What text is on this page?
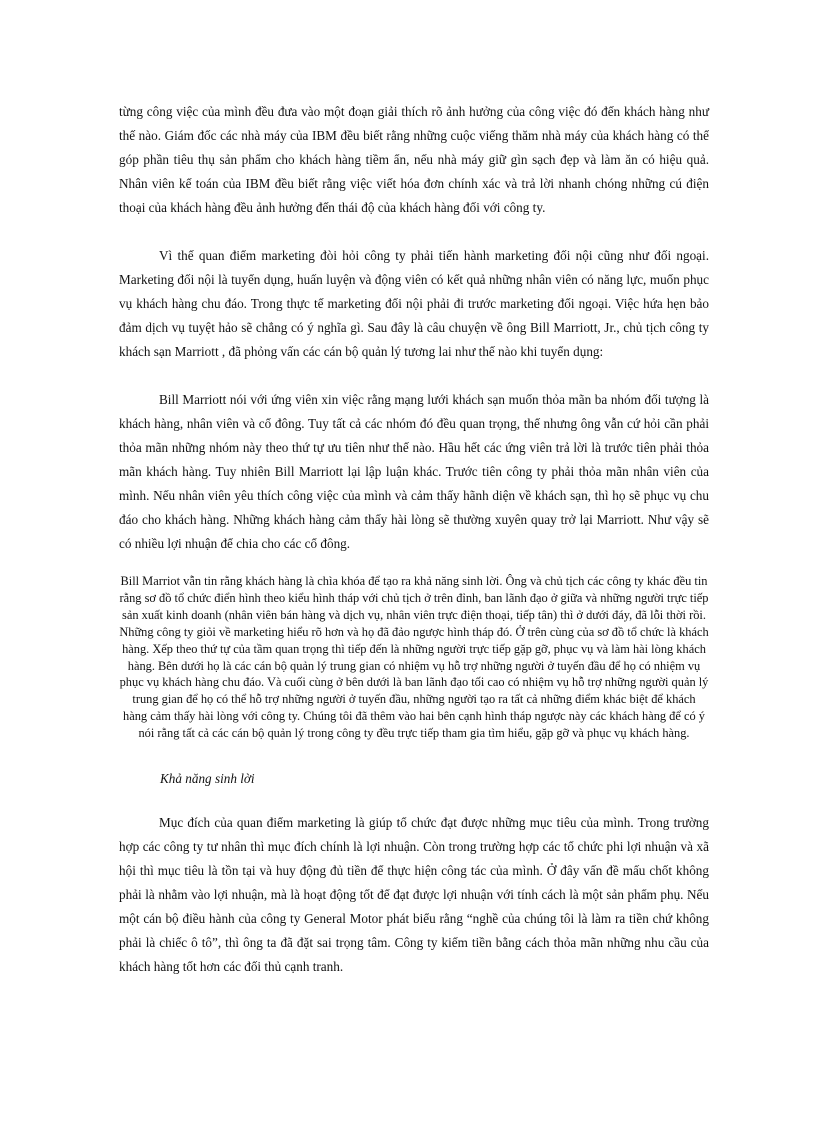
từng công việc của mình đều đưa vào một đoạn giải thích rõ ảnh hưởng của công việc đó đến khách hàng như thế nào. Giám đốc các nhà máy của IBM đều biết rằng những cuộc viếng thăm nhà máy của khách hàng có thể góp phần tiêu thụ sản phẩm cho khách hàng tiềm ẩn, nếu nhà máy giữ gìn sạch đẹp và làm ăn có hiệu quả. Nhân viên kế toán của IBM đều biết rằng việc viết hóa đơn chính xác và trả lời nhanh chóng những cú điện thoại của khách hàng đều ảnh hưởng đến thái độ của khách hàng đối với công ty.

Vì thế quan điểm marketing đòi hỏi công ty phải tiến hành marketing đối nội cũng như đối ngoại. Marketing đối nội là tuyển dụng, huấn luyện và động viên có kết quả những nhân viên có năng lực, muốn phục vụ khách hàng chu đáo. Trong thực tế marketing đối nội phải đi trước marketing đối ngoại. Việc hứa hẹn bảo đảm dịch vụ tuyệt hảo sẽ chẳng có ý nghĩa gì. Sau đây là câu chuyện về ông Bill Marriott, Jr., chủ tịch công ty khách sạn Marriott , đã phỏng vấn các cán bộ quản lý tương lai như thế nào khi tuyển dụng:

Bill Marriott nói với ứng viên xin việc rằng mạng lưới khách sạn muốn thỏa mãn ba nhóm đối tượng là khách hàng, nhân viên và cổ đông. Tuy tất cả các nhóm đó đều quan trọng, thế nhưng ông vẫn cứ hỏi cần phải thỏa mãn những nhóm này theo thứ tự ưu tiên như thế nào. Hầu hết các ứng viên trả lời là trước tiên phải thỏa mãn khách hàng. Tuy nhiên Bill Marriott lại lập luận khác. Trước tiên công ty phải thỏa mãn nhân viên của mình. Nếu nhân viên yêu thích công việc của mình và cảm thấy hãnh diện về khách sạn, thì họ sẽ phục vụ chu đáo cho khách hàng. Những khách hàng cảm thấy hài lòng sẽ thường xuyên quay trở lại Marriott. Như vậy sẽ có nhiều lợi nhuận để chia cho các cổ đông.

Bill Marriot vẫn tin rằng khách hàng là chìa khóa để tạo ra khả năng sinh lời. Ông và chủ tịch các công ty khác đều tin rằng sơ đồ tổ chức điển hình theo kiểu hình tháp với chủ tịch ở trên đỉnh, ban lãnh đạo ở giữa và những người trực tiếp sản xuất kinh doanh (nhân viên bán hàng và dịch vụ, nhân viên trực điện thoại, tiếp tân) thì ở dưới đáy, đã lỗi thời rồi. Những công ty giỏi về marketing hiểu rõ hơn và họ đã đảo ngược hình tháp đó. Ở trên cùng của sơ đồ tổ chức là khách hàng. Xếp theo thứ tự của tầm quan trọng thì tiếp đến là những người trực tiếp gặp gỡ, phục vụ và làm hài lòng khách hàng. Bên dưới họ là các cán bộ quản lý trung gian có nhiệm vụ hỗ trợ những người ở tuyến đầu để họ có nhiệm vụ phục vụ khách hàng chu đáo. Và cuối cùng ở bên dưới là ban lãnh đạo tối cao có nhiệm vụ hỗ trợ những người quản lý trung gian để họ có thể hỗ trợ những người ở tuyến đầu, những người tạo ra tất cả những điểm khác biệt để khách hàng cảm thấy hài lòng với công ty. Chúng tôi đã thêm vào hai bên cạnh hình tháp ngược này các khách hàng để có ý nói rằng tất cả các cán bộ quản lý trong công ty đều trực tiếp tham gia tìm hiểu, gặp gỡ và phục vụ khách hàng.

Khả năng sinh lời

Mục đích của quan điểm marketing là giúp tổ chức đạt được những mục tiêu của mình. Trong trường hợp các công ty tư nhân thì mục đích chính là lợi nhuận. Còn trong trường hợp các tổ chức phi lợi nhuận và xã hội thì mục tiêu là tồn tại và huy động đủ tiền để thực hiện công tác của mình. Ở đây vấn đề mấu chốt không phải là nhằm vào lợi nhuận, mà là hoạt động tốt để đạt được lợi nhuận với tính cách là một sản phẩm phụ. Nếu một cán bộ điều hành của công ty General Motor phát biểu rằng “nghề của chúng tôi là làm ra tiền chứ không phải là chiếc ô tô”, thì ông ta đã đặt sai trọng tâm. Công ty kiếm tiền bằng cách thỏa mãn những nhu cầu của khách hàng tốt hơn các đối thủ cạnh tranh.
